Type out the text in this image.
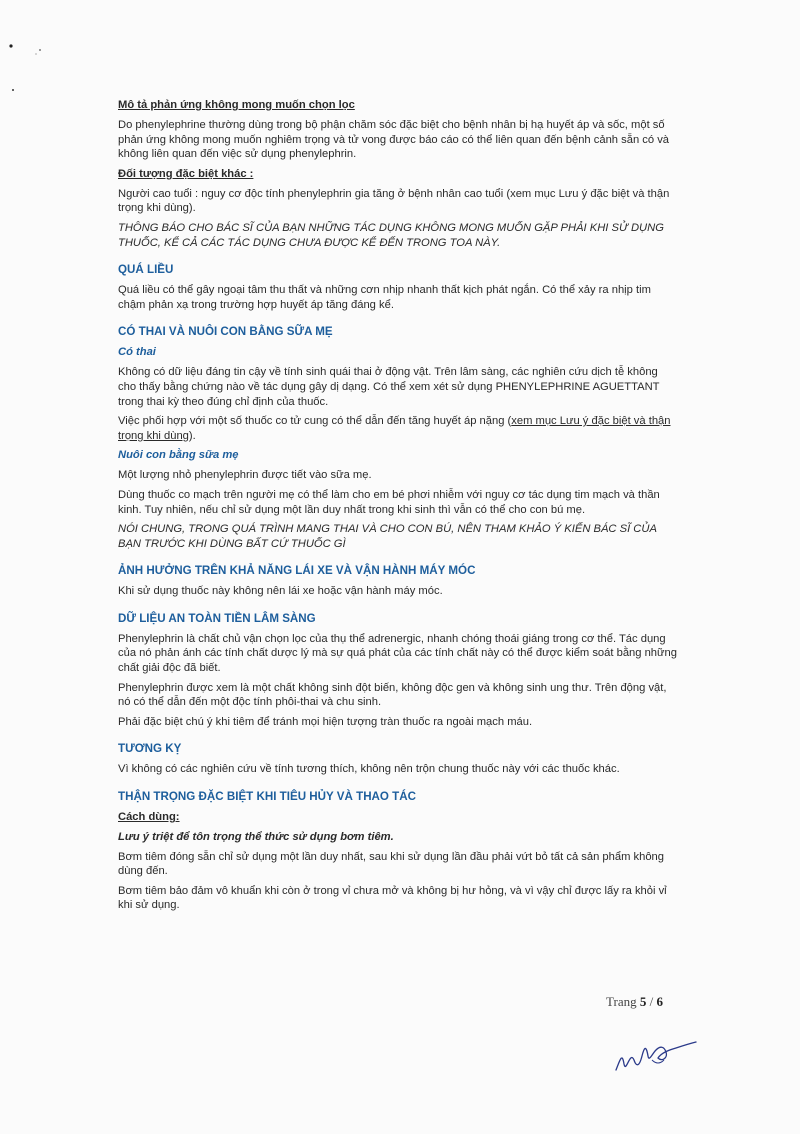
Mô tả phản ứng không mong muốn chọn lọc

Do phenylephrine thường dùng trong bộ phận chăm sóc đặc biệt cho bệnh nhân bị hạ huyết áp và sốc, một số phản ứng không mong muốn nghiêm trọng và tử vong được báo cáo có thể liên quan đến bệnh cảnh sẵn có và không liên quan đến việc sử dụng phenylephrin.

Đối tượng đặc biệt khác :

Người cao tuổi : nguy cơ độc tính phenylephrin gia tăng ở bệnh nhân cao tuổi (xem mục Lưu ý đặc biệt và thận trọng khi dùng).

THÔNG BÁO CHO BÁC SĨ CỦA BẠN NHỮNG TÁC DỤNG KHÔNG MONG MUỐN GẶP PHẢI KHI SỬ DỤNG THUỐC, KỂ CẢ CÁC TÁC DỤNG CHƯA ĐƯỢC KỂ ĐẾN TRONG TOA NÀY.

QUÁ LIỀU

Quá liều có thể gây ngoại tâm thu thất và những cơn nhịp nhanh thất kịch phát ngắn. Có thể xảy ra nhịp tim chậm phản xạ trong trường hợp huyết áp tăng đáng kể.

CÓ THAI VÀ NUÔI CON BẰNG SỮA MẸ
Có thai

Không có dữ liệu đáng tin cậy về tính sinh quái thai ở động vật. Trên lâm sàng, các nghiên cứu dịch tễ không cho thấy bằng chứng nào về tác dụng gây dị dạng. Có thể xem xét sử dụng PHENYLEPHRINE AGUETTANT trong thai kỳ theo đúng chỉ định của thuốc.

Việc phối hợp với một số thuốc co tử cung có thể dẫn đến tăng huyết áp nặng (xem mục Lưu ý đặc biệt và thận trọng khi dùng).

Nuôi con bằng sữa mẹ

Một lượng nhỏ phenylephrin được tiết vào sữa mẹ.

Dùng thuốc co mạch trên người mẹ có thể làm cho em bé phơi nhiễm với nguy cơ tác dụng tim mạch và thần kinh. Tuy nhiên, nếu chỉ sử dụng một lần duy nhất trong khi sinh thì vẫn có thể cho con bú mẹ.

NÓI CHUNG, TRONG QUÁ TRÌNH MANG THAI VÀ CHO CON BÚ, NÊN THAM KHẢO Ý KIẾN BÁC SĨ CỦA BẠN TRƯỚC KHI DÙNG BẤT CỨ THUỐC GÌ

ẢNH HƯỞNG TRÊN KHẢ NĂNG LÁI XE VÀ VẬN HÀNH MÁY MÓC

Khi sử dụng thuốc này không nên lái xe hoặc vận hành máy móc.

DỮ LIỆU AN TOÀN TIỀN LÂM SÀNG

Phenylephrin là chất chủ vận chọn lọc của thụ thể adrenergic, nhanh chóng thoái giáng trong cơ thể. Tác dụng của nó phản ánh các tính chất dược lý mà sự quá phát của các tính chất này có thể được kiểm soát bằng những chất giải độc đã biết.

Phenylephrin được xem là một chất không sinh đột biến, không độc gen và không sinh ung thư. Trên động vật, nó có thể dẫn đến một độc tính phôi-thai và chu sinh.

Phải đặc biệt chú ý khi tiêm để tránh mọi hiện tượng tràn thuốc ra ngoài mạch máu.

TƯƠNG KỴ

Vì không có các nghiên cứu về tính tương thích, không nên trộn chung thuốc này với các thuốc khác.

THẬN TRỌNG ĐẶC BIỆT KHI TIÊU HỦY VÀ THAO TÁC
Cách dùng:

Lưu ý triệt để tôn trọng thể thức sử dụng bơm tiêm.

Bơm tiêm đóng sẵn chỉ sử dụng một lần duy nhất, sau khi sử dụng lần đầu phải vứt bỏ tất cả sản phẩm không dùng đến.

Bơm tiêm bảo đảm vô khuẩn khi còn ở trong vỉ chưa mở và không bị hư hỏng, và vì vậy chỉ được lấy ra khỏi vỉ khi sử dụng.

Trang 5 / 6
